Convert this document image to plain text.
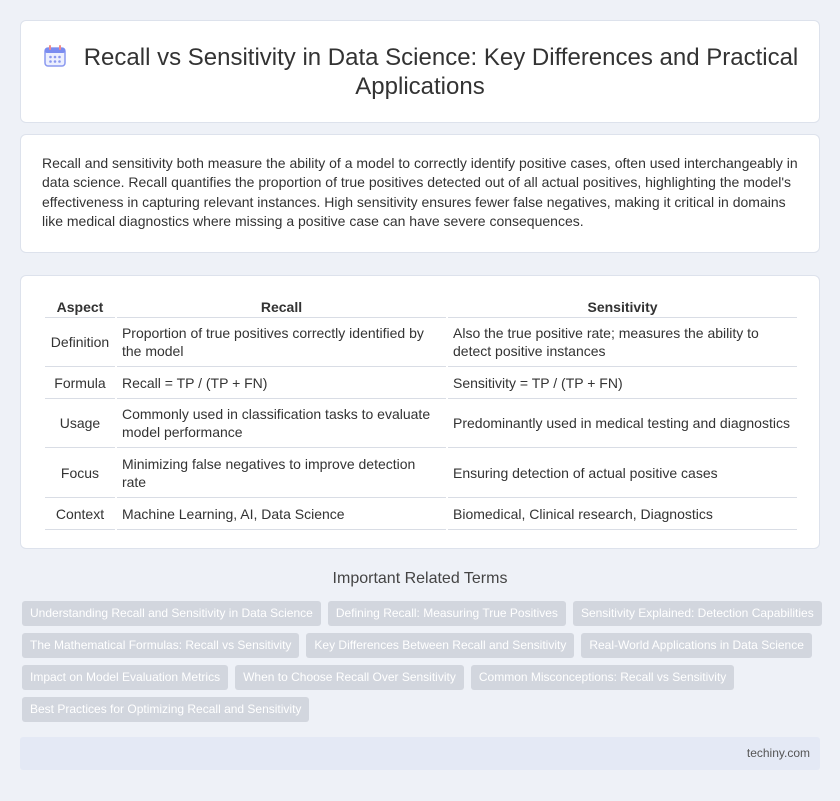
Recall vs Sensitivity in Data Science: Key Differences and Practical Applications

Recall and sensitivity both measure the ability of a model to correctly identify positive cases, often used interchangeably in data science. Recall quantifies the proportion of true positives detected out of all actual positives, highlighting the model's effectiveness in capturing relevant instances. High sensitivity ensures fewer false negatives, making it critical in domains like medical diagnostics where missing a positive case can have severe consequences.

Aspect	Recall	Sensitivity
Definition	Proportion of true positives correctly identified by the model	Also the true positive rate; measures the ability to detect positive instances
Formula	Recall = TP / (TP + FN)	Sensitivity = TP / (TP + FN)
Usage	Commonly used in classification tasks to evaluate model performance	Predominantly used in medical testing and diagnostics
Focus	Minimizing false negatives to improve detection rate	Ensuring detection of actual positive cases
Context	Machine Learning, AI, Data Science	Biomedical, Clinical research, Diagnostics
Important Related Terms
Understanding Recall and Sensitivity in Data Science	Defining Recall: Measuring True Positives	Sensitivity Explained: Detection Capabilities
The Mathematical Formulas: Recall vs Sensitivity	Key Differences Between Recall and Sensitivity	Real-World Applications in Data Science
Impact on Model Evaluation Metrics	When to Choose Recall Over Sensitivity	Common Misconceptions: Recall vs Sensitivity
Best Practices for Optimizing Recall and Sensitivity
techiny.com
